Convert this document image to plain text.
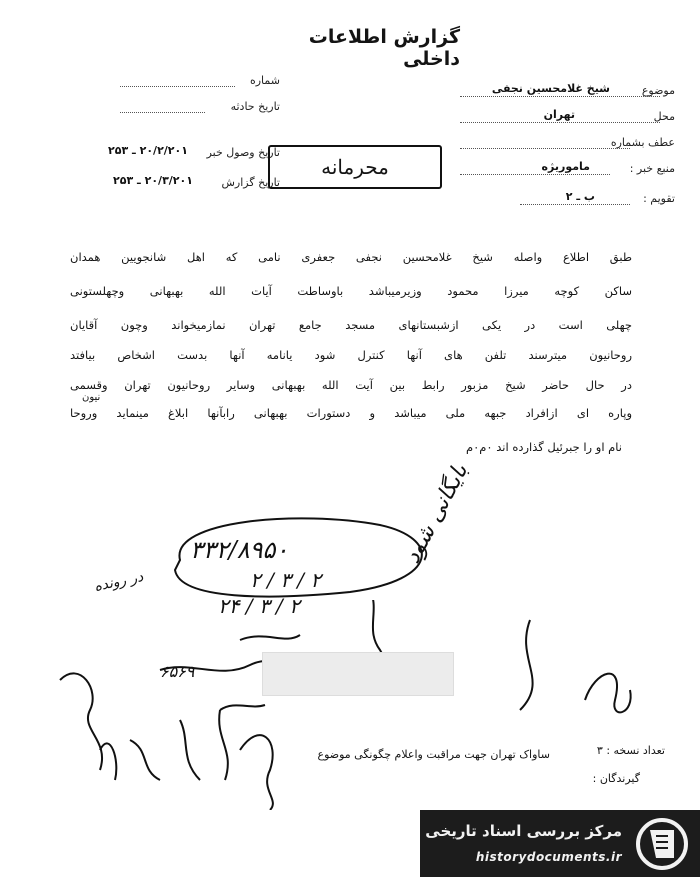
گزارش اطلاعات داخلی
موضوع
شیخ غلامحسین نجفی
محل
تهران
عطف بشماره
منبع خبر :
ماموریژه
تقویم :
ب ـ ۲
شماره
تاریخ حادثه
تاریخ وصول خبر
۲۰/۲/۲۰۱ ـ ۲۵۳
تاریخ گزارش
۲۰/۳/۲۰۱ ـ ۲۵۳
محرمانه
طبق اطلاع واصله شیخ غلامحسین نجفی جعفری نامی که اهل شانجویین همدان
ساکن کوچه میرزا محمود وزیرمیباشد باوساطت آیات الله بهبهانی وچهلستونی
چهلی است در یکی ازشبستانهای مسجد جامع تهران نمازمیخواند وچون آقایان
روحانیون میترسند تلفن های آنها کنترل شود یانامه آنها بدست اشخاص بیافتد
در حال حاضر شیخ مزبور رابط بین آیت الله بهبهانی وسایر روحانیون تهران وقسمی
نیون
وپاره ای ازافراد جبهه ملی میباشد و دستورات بهبهانی رابآنها ابلاغ مینماید وروحا
نام او را جبرئیل گذارده اند ۰م۰م
۳۳۲/۸۹۵۰
۲ / ۳ / ۲
۲۴ / ۳ / ۲
در رونده
بایگانی شود
۶۵۶۹
تعداد نسخه : ۳
ساواک تهران جهت مراقبت واعلام چگونگی موضوع
گیرندگان :
مرکز بررسی اسناد تاریخی
historydocuments.ir
